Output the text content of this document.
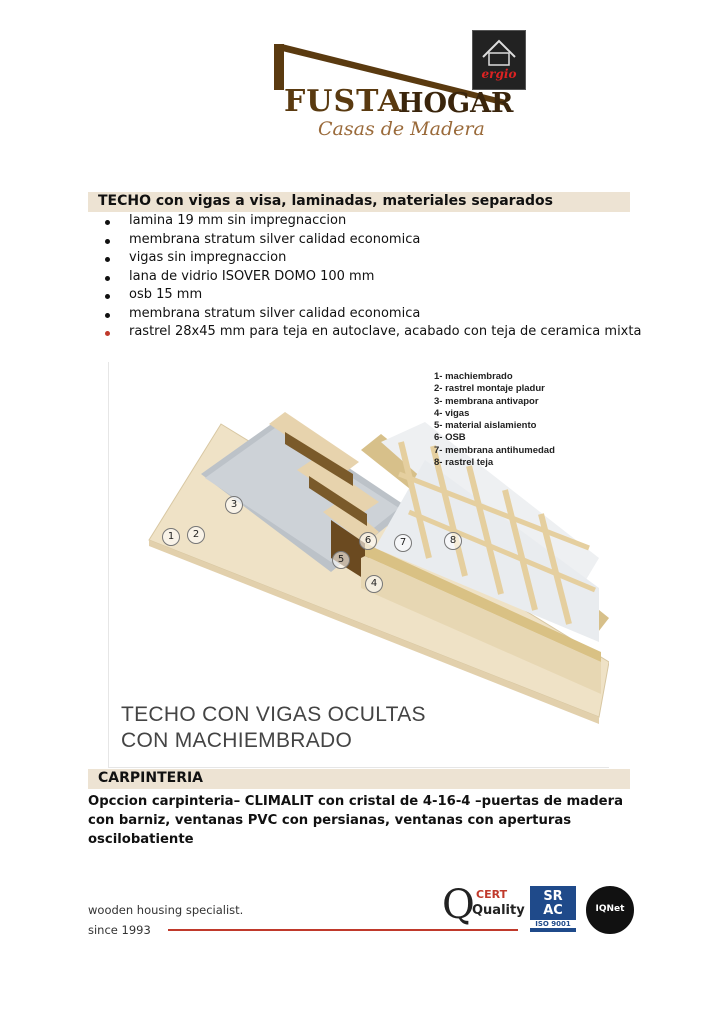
ergio
FUSTA
HOGAR
Casas de Madera
TECHO con vigas a visa, laminadas, materiales separados
lamina 19 mm sin impregnaccion
membrana stratum silver calidad economica
vigas sin impregnaccion
lana de vidrio ISOVER DOMO 100 mm
osb 15 mm
membrana stratum silver calidad economica
rastrel 28x45 mm para teja en autoclave, acabado con teja de ceramica mixta
1- machiembrado
2- rastrel montaje pladur
3- membrana antivapor
4- vigas
5- material aislamiento
6- OSB
7- membrana antihumedad
8- rastrel teja
1	2
3
4
5
6	7	8
TECHO CON VIGAS OCULTAS
CON MACHIEMBRADO
CARPINTERIA
Opccion carpinteria– CLIMALIT con cristal de 4-16-4 –puertas de madera con barniz, ventanas PVC con persianas, ventanas con aperturas oscilobatiente
wooden housing specialist.
since 1993
Q CERT
Quality
SR
AC
ISO 9001
IQNet
